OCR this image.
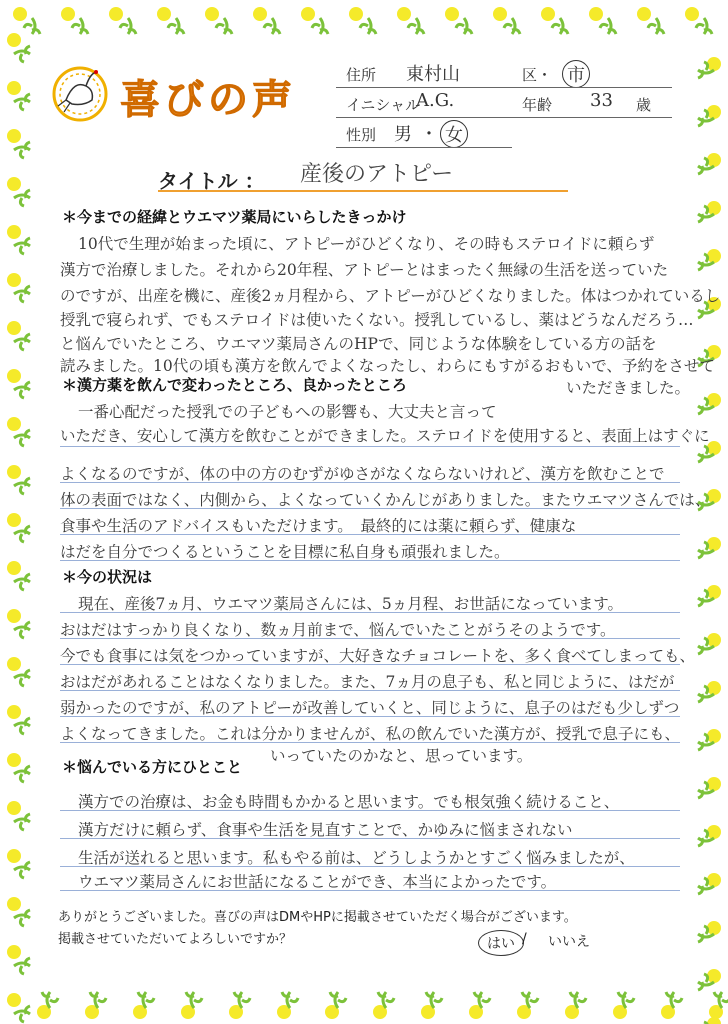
喜びの声
住所 東村山	区・ 市
イニシャル
A.G.	年齢 33 歳
性別 男 ・ 女
タイトル ： 産後のアトピー
＊今までの経緯とウエマツ薬局にいらしたきっかけ
10代で生理が始まった頃に、アトピーがひどくなり、その時もステロイドに頼らず
漢方で治療しました。それから20年程、アトピーとはまったく無縁の生活を送っていた
のですが、出産を機に、産後2ヵ月程から、アトピーがひどくなりました。体はつかれているし
授乳で寝られず、でもステロイドは使いたくない。授乳しているし、薬はどうなんだろう…
と悩んでいたところ、ウエマツ薬局さんのHPで、同じような体験をしている方の話を
読みました。10代の頃も漢方を飲んでよくなったし、わらにもすがるおもいで、予約をさせて
いただきました。
＊漢方薬を飲んで変わったところ、良かったところ
一番心配だった授乳での子どもへの影響も、大丈夫と言って
いただき、安心して漢方を飲むことができました。ステロイドを使用すると、表面上はすぐに
よくなるのですが、体の中の方のむずがゆさがなくならないけれど、漢方を飲むことで
体の表面ではなく、内側から、よくなっていくかんじがありました。またウエマツさんでは、
食事や生活のアドバイスもいただけます。　最終的には薬に頼らず、健康な
はだを自分でつくるということを目標に私自身も頑張れました。
＊今の状況は
現在、産後7ヵ月、ウエマツ薬局さんには、5ヵ月程、お世話になっています。
おはだはすっかり良くなり、数ヵ月前まで、悩んでいたことがうそのようです。
今でも食事には気をつかっていますが、大好きなチョコレートを、多く食べてしまっても、
おはだがあれることはなくなりました。また、7ヵ月の息子も、私と同じように、はだが
弱かったのですが、私のアトピーが改善していくと、同じように、息子のはだも少しずつ
よくなってきました。これは分かりませんが、私の飲んでいた漢方が、授乳で息子にも、
いっていたのかなと、思っています。
＊悩んでいる方にひとこと
漢方での治療は、お金も時間もかかると思います。でも根気強く続けること、
漢方だけに頼らず、食事や生活を見直すことで、かゆみに悩まされない
生活が送れると思います。私もやる前は、どうしようかとすごく悩みましたが、
ウエマツ薬局さんにお世話になることができ、本当によかったです。
ありがとうございました。喜びの声はDMやHPに掲載させていただく場合がございます。
掲載させていただいてよろしいですか？	はい / いいえ
